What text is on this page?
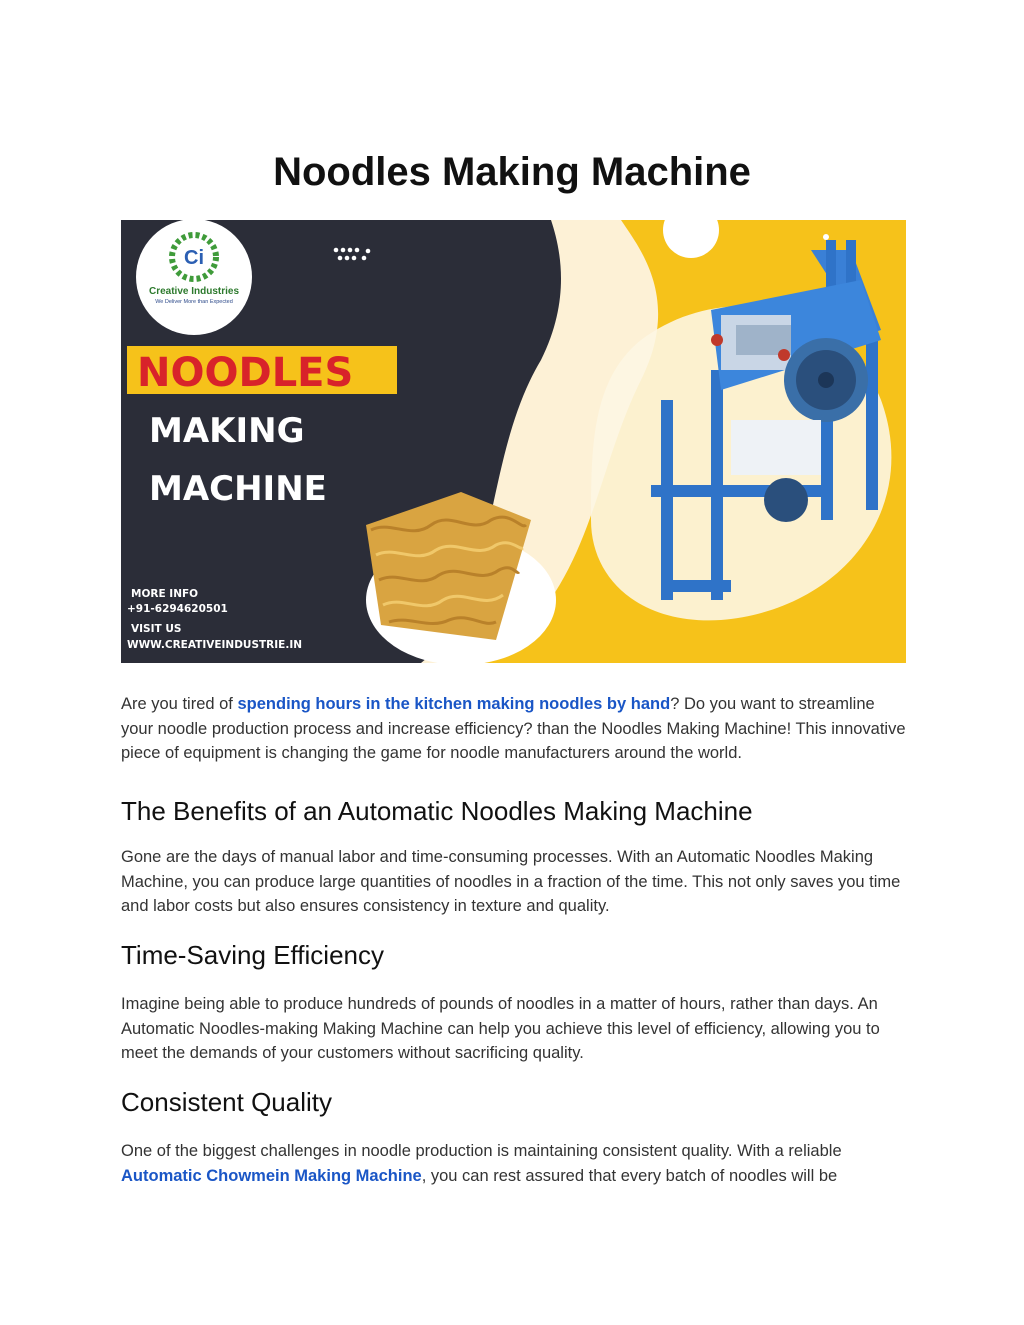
Noodles Making Machine
Ci
Creative Industries
We Deliver More than Expected
NOODLES
MAKING
MACHINE
MORE INFO
+91-6294620501
VISIT US
WWW.CREATIVEINDUSTRIE.IN

Are you tired of spending hours in the kitchen making noodles by hand? Do you want to streamline your noodle production process and increase efficiency? than the Noodles Making Machine! This innovative piece of equipment is changing the game for noodle manufacturers around the world.

The Benefits of an Automatic Noodles Making Machine

Gone are the days of manual labor and time-consuming processes. With an Automatic Noodles Making Machine, you can produce large quantities of noodles in a fraction of the time. This not only saves you time and labor costs but also ensures consistency in texture and quality.

Time-Saving Efficiency

Imagine being able to produce hundreds of pounds of noodles in a matter of hours, rather than days. An Automatic Noodles-making Making Machine can help you achieve this level of efficiency, allowing you to meet the demands of your customers without sacrificing quality.

Consistent Quality

One of the biggest challenges in noodle production is maintaining consistent quality. With a reliable Automatic Chowmein Making Machine, you can rest assured that every batch of noodles will be
